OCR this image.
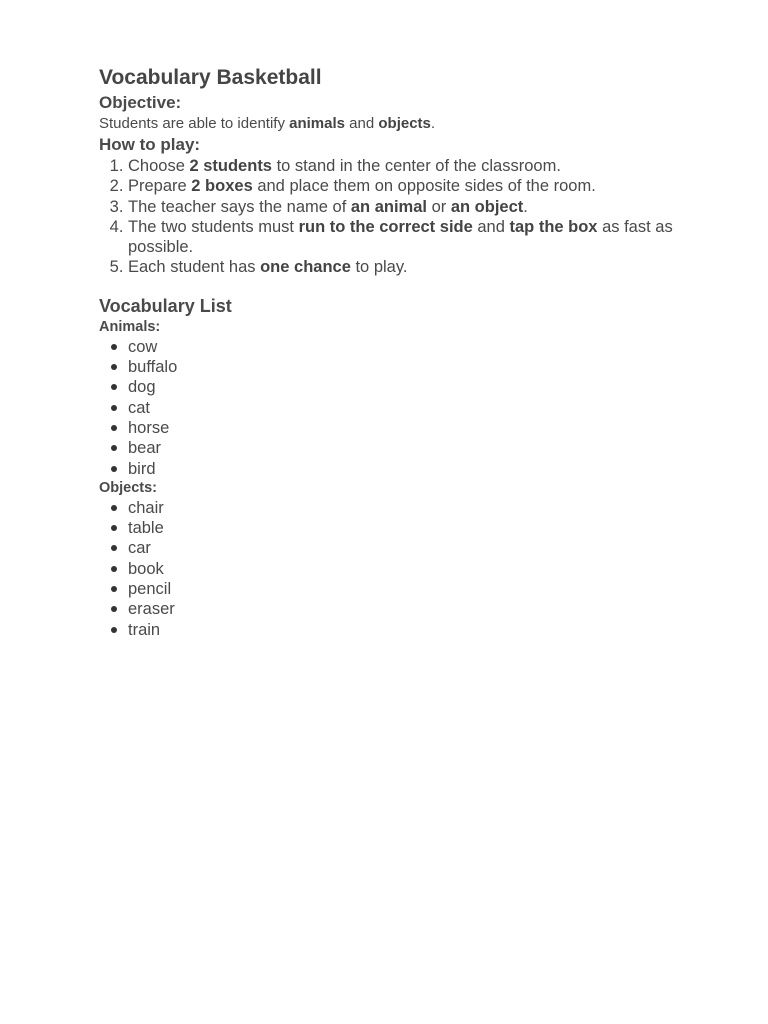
Vocabulary Basketball
Objective:

Students are able to identify animals and objects.

How to play:
1. Choose 2 students to stand in the center of the classroom.
2. Prepare 2 boxes and place them on opposite sides of the room.
3. The teacher says the name of an animal or an object.
4. The two students must run to the correct side and tap the box as fast as possible.
5. Each student has one chance to play.
Vocabulary List
Animals:
cow
buffalo
dog
cat
horse
bear
bird
Objects:
chair
table
car
book
pencil
eraser
train
